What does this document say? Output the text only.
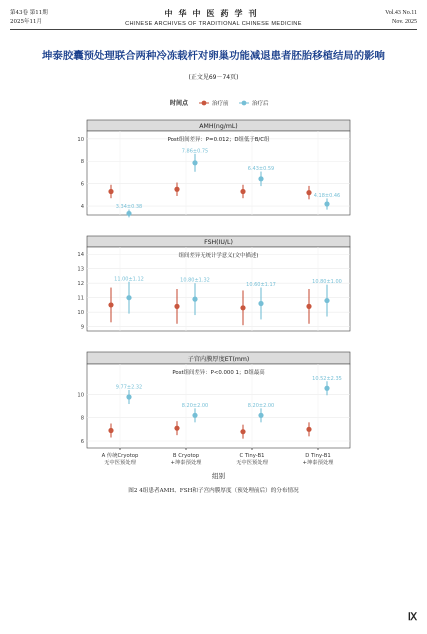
第43卷 第11期
2025年11月
中华中医药学刊
CHINESE ARCHIVES OF TRADITIONAL CHINESE MEDICINE
Vol.43 No.11
Nov. 2025
坤泰胶囊预处理联合两种冷冻载杆对卵巢功能减退患者胚胎移植结局的影响
(正文见69－74页)
时间点	治疗前	治疗后
AMH(ng/mL)
4
6
8
10	Post组间差异：P=0.012；D组低于B/C组
3.34±0.38
7.86±0.75
6.43±0.59
4.18±0.46
FSH(IU/L)
9
10
11
12
13
14	组间差异无统计学意义(文中描述)
11.00±1.12	10.80±1.32
10.60±1.17	10.80±1.00
子宫内膜厚度ET(mm)
6
8
10
Post组间差异：P<0.000 1；D组最高
9.77±2.32
8.20±2.00	8.20±2.00
10.52±2.35
A 传统Cryotop
无中医预处理
B Cryotop
+坤泰预处理
C Tiny-B1
无中医预处理
D Tiny-B1
+坤泰预处理
组别
图2 4组患者AMH、FSH和子宫内膜厚度（预处理前后）的分布情况
Ⅸ
